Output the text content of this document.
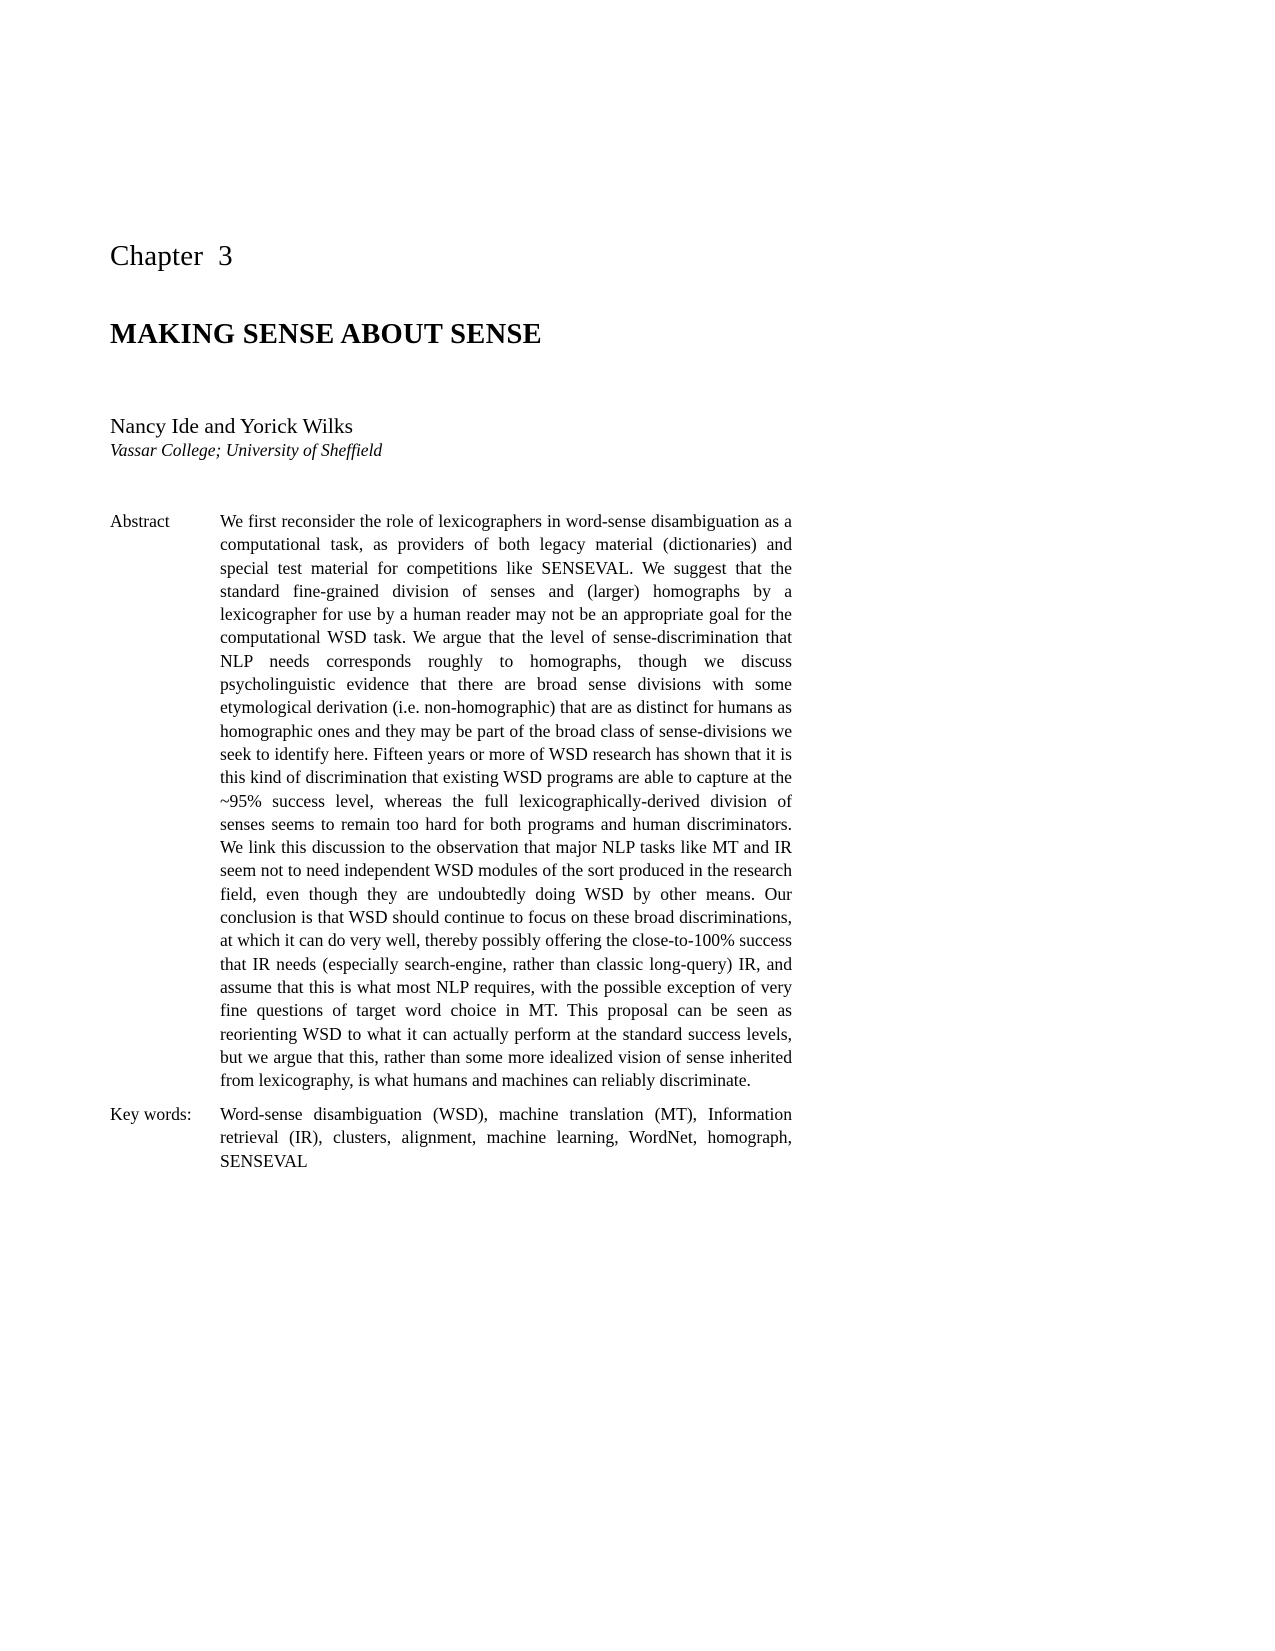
Chapter  3
MAKING SENSE ABOUT SENSE
Nancy Ide and Yorick Wilks
Vassar College; University of Sheffield
Abstract	We first reconsider the role of lexicographers in word-sense disambiguation as a computational task, as providers of both legacy material (dictionaries) and special test material for competitions like SENSEVAL. We suggest that the standard fine-grained division of senses and (larger) homographs by a lexicographer for use by a human reader may not be an appropriate goal for the computational WSD task. We argue that the level of sense-discrimination that NLP needs corresponds roughly to homographs, though we discuss psycholinguistic evidence that there are broad sense divisions with some etymological derivation (i.e. non-homographic) that are as distinct for humans as homographic ones and they may be part of the broad class of sense-divisions we seek to identify here. Fifteen years or more of WSD research has shown that it is this kind of discrimination that existing WSD programs are able to capture at the ~95% success level, whereas the full lexicographically-derived division of senses seems to remain too hard for both programs and human discriminators. We link this discussion to the observation that major NLP tasks like MT and IR seem not to need independent WSD modules of the sort produced in the research field, even though they are undoubtedly doing WSD by other means. Our conclusion is that WSD should continue to focus on these broad discriminations, at which it can do very well, thereby possibly offering the close-to-100% success that IR needs (especially search-engine, rather than classic long-query) IR, and assume that this is what most NLP requires, with the possible exception of very fine questions of target word choice in MT. This proposal can be seen as reorienting WSD to what it can actually perform at the standard success levels, but we argue that this, rather than some more idealized vision of sense inherited from lexicography, is what humans and machines can reliably discriminate.
Key words:	Word-sense disambiguation (WSD), machine translation (MT), Information retrieval (IR), clusters, alignment, machine learning, WordNet, homograph, SENSEVAL
